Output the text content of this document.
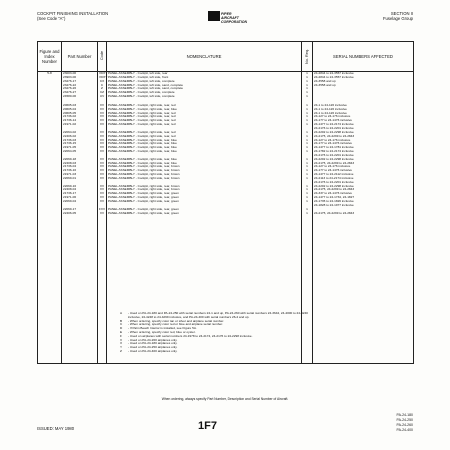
COCKPIT FINISHING INSTALLATION
(See Code "A")
PIPER
AIRCRAFT
CORPORATION
SECTION II
Fuselage Group
Figure and Index Number	Part Number	Code	NOMENCLATURE	No. Req.	SERIAL NUMBERS AFFECTED
5-8	23003-00	XDXY	PANEL ASSEMBLY - Cockpit, left side, rear	1	24-2844 to 24-3557 inclusive
	23903-00	XDXY	PANEL ASSEMBLY - Cockpit, left side, front	1	24-2844 to 24-3557 inclusive
	23276-17	CX	PANEL ASSEMBLY - Cockpit, left side, complete	1	24-3558 and up
	23276-22	C	PANEL ASSEMBLY - Cockpit, left side, sand, complete	1	24-3558 and up
	23276-26	Z	PANEL ASSEMBLY - Cockpit, left side, sand, complete	1	
	23276-27	CZ	PANEL ASSEMBLY - Cockpit, left side, complete	1	
	24580-00	UV	PANEL ASSEMBLY - Cockpit, left side, complete	1	

	20605-03	XV	PANEL ASSEMBLY - Cockpit, right side, rear, red	1	24-1 to 24-126 inclusive
	20605-04	XV	PANEL ASSEMBLY - Cockpit, right side, rear, blue	1	24-1 to 24-126 inclusive
	20605-05	XV	PANEL ASSEMBLY - Cockpit, right side, rear, red	1	24-1 to 24-126 inclusive
	21736-02	XV	PANEL ASSEMBLY - Cockpit, right side, rear, red	1	24-127 to 24-176 inclusive
	21736-14	XV	PANEL ASSEMBLY - Cockpit, right side, rear, red	1	24-177 to 24-1476 inclusive
	21971-02	XV	PANEL ASSEMBLY - Cockpit, right side, rear, red	1	24-1477 to 24-2174 inclusive
					24-2176 to 24-2201 inclusive
	22064-02	XV	PANEL ASSEMBLY - Cockpit, right side, rear, red	1	24-2202 to 24-2298 inclusive
	22406-02	XV	PANEL ASSEMBLY - Cockpit, right side, rear, red	1	24-2175, 24-2299 to 24-2843
	21736-03	XV	PANEL ASSEMBLY - Cockpit, right side, rear, blue	1	24-127 to 24-176 inclusive
	21736-15	XV	PANEL ASSEMBLY - Cockpit, right side, rear, blue	1	24-177 to 24-1476 inclusive
	21971-05	XV	PANEL ASSEMBLY - Cockpit, right side, rear, blue	1	24-1477 to 24-1781 inclusive
	22064-05	XV	PANEL ASSEMBLY - Cockpit, right side, rear, blue	1	24-1782 to 24-2174 inclusive
					24-2176 to 24-2201 inclusive
	22069-18	XV	PANEL ASSEMBLY - Cockpit, right side, rear, blue	1	24-2202 to 24-2298 inclusive
	22408-03	XV	PANEL ASSEMBLY - Cockpit, right side, rear, blue	1	24-2175, 24-2299 to 24-2843
	21736-04	XV	PANEL ASSEMBLY - Cockpit, right side, rear, brown	1	24-127 to 24-176 inclusive
	21736-16	XV	PANEL ASSEMBLY - Cockpit, right side, rear, brown	1	24-177 to 24-1476 inclusive
	21971-03	XV	PANEL ASSEMBLY - Cockpit, right side, rear, brown	1	24-1477 to 24-2112 inclusive
	22069-01	XV	PANEL ASSEMBLY - Cockpit, right side, rear, brown	1	24-2113 to 24-2174 inclusive
					24-2176 to 24-2201 inclusive
	22069-16	XV	PANEL ASSEMBLY - Cockpit, right side, rear, brown	1	24-2202 to 24-2298 inclusive
	22408-04	XV	PANEL ASSEMBLY - Cockpit, right side, rear, brown	1	24-2175, 24-2299 to 24-2843
	21736-17	XV	PANEL ASSEMBLY - Cockpit, right side, rear, green	1	24-337 to 24-1476 inclusive
	21971-06	XV	PANEL ASSEMBLY - Cockpit, right side, rear, green	1	24-1477 to 24-1734, 24-1827
	22069-04	XV	PANEL ASSEMBLY - Cockpit, right side, rear, green	1	24-1735 to 24-1826 inclusive
					24-1828 to 24-1977 inclusive
	22069-17	FXV	PANEL ASSEMBLY - Cockpit, right side, rear, green	1	
	22406-05	XV	PANEL ASSEMBLY - Cockpit, right side, rear, green	1	24-2175, 24-2299 to 24-2843

A	- Used on PA-24-180 and PA-24-250 with serial numbers 24-1 and up, PA-24-260 with serial numbers 24-3642, 24-4000 to 24-4240 inclusive, 24-4248 to 24-4299 inclusive, and PA-24-400 with serial numbers 26-2 and up.
B	- When ordering, specify color tan or silver and airplane serial number.
C	- When ordering, specify color red or blue and airplane serial number.
D	- If Palm Beach Interior is installed, see Figure 5A.
E	- When ordering, specify color red, blue or oyster.
F	- Used on airplanes with serial numbers 24-1978 to 24-2174, 24-2176 to 24-2298 inclusive.
V	- Used on PA-24-260 airplanes only.
X	- Used on PA-24-180 airplanes only.
Y	- Used on PA-24-250 airplanes only.
Z	- Used on PA-24-400 airplanes only.
When ordering, always specify Part Number, Description and Serial Number of Aircraft.
ISSUED: MAY 1980	1F7
PA-24-180
PA-24-250
PA-24-260
PA-24-400
